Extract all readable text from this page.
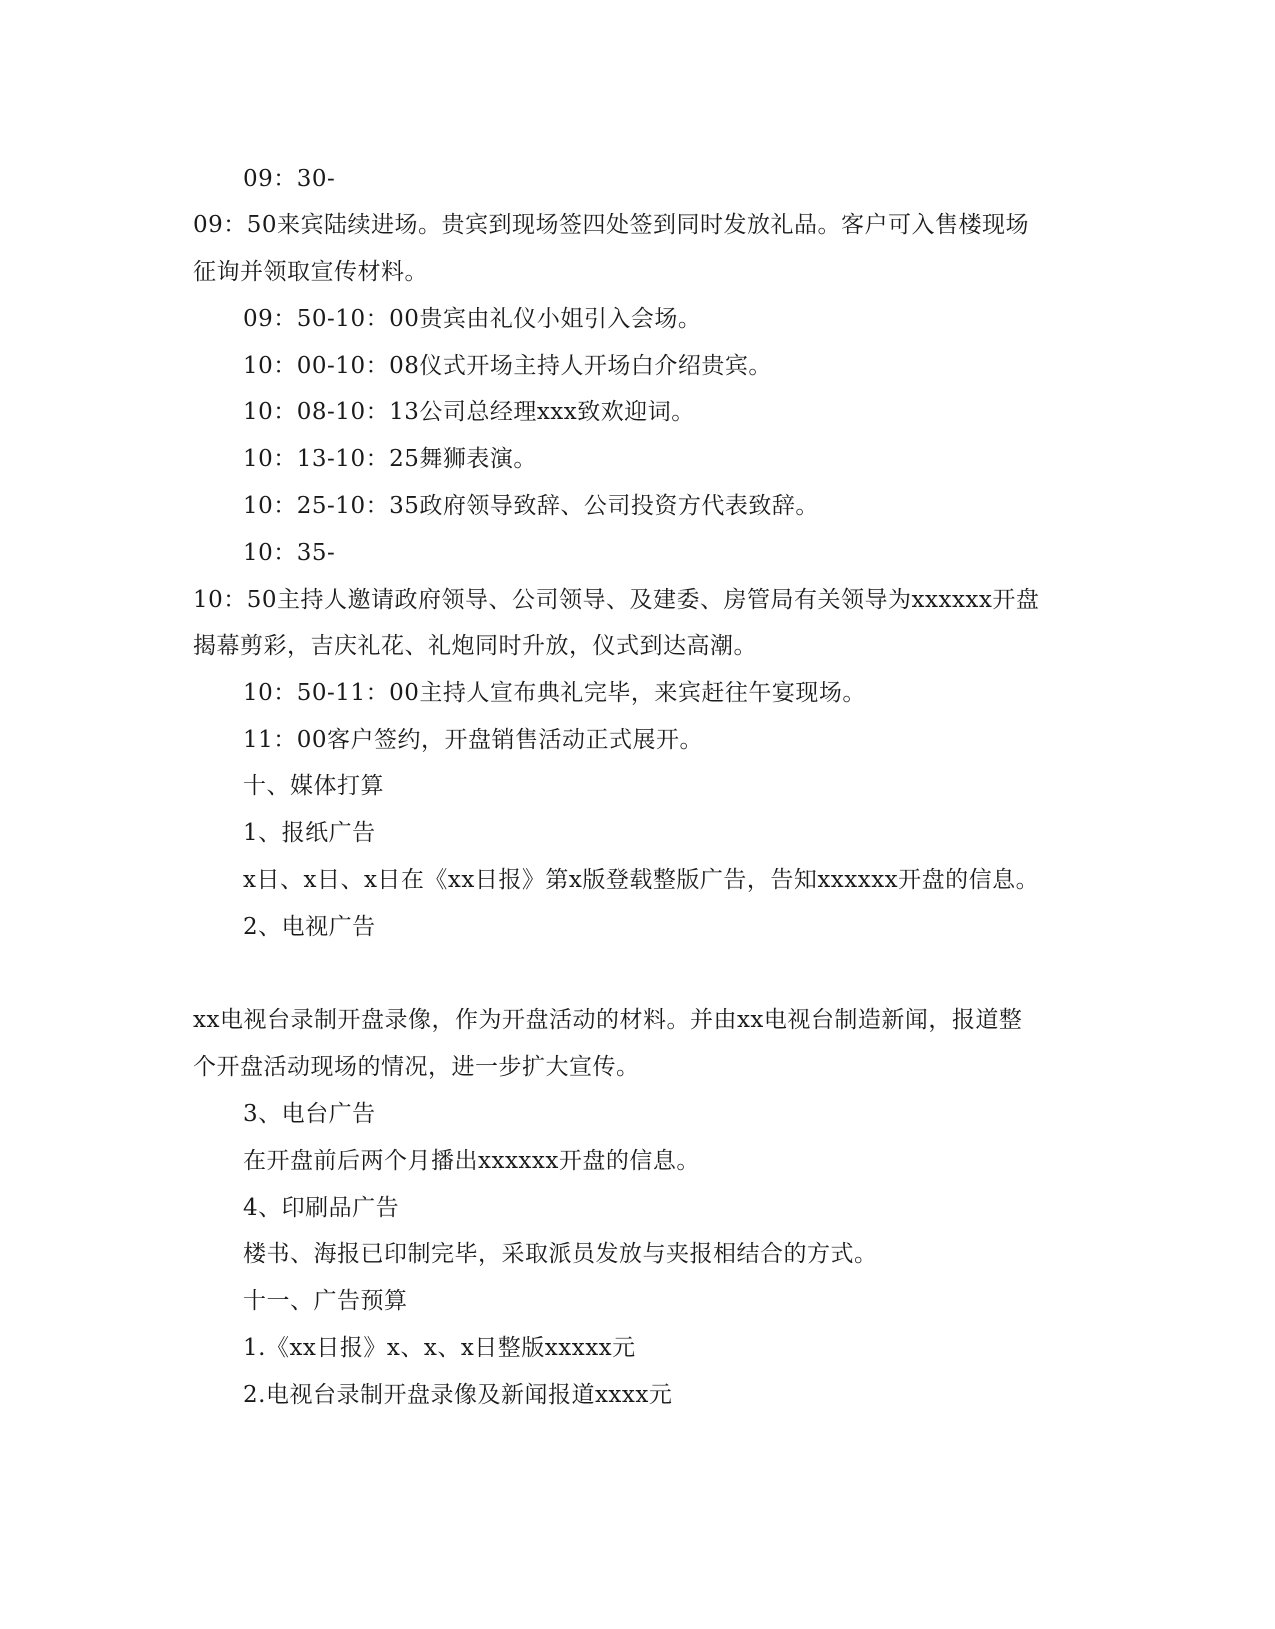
09：30-
09：50来宾陆续进场。贵宾到现场签四处签到同时发放礼品。客户可入售楼现场
征询并领取宣传材料。
09：50-10：00贵宾由礼仪小姐引入会场。
10：00-10：08仪式开场主持人开场白介绍贵宾。
10：08-10：13公司总经理xxx致欢迎词。
10：13-10：25舞狮表演。
10：25-10：35政府领导致辞、公司投资方代表致辞。
10：35-
10：50主持人邀请政府领导、公司领导、及建委、房管局有关领导为xxxxxx开盘
揭幕剪彩，吉庆礼花、礼炮同时升放，仪式到达高潮。
10：50-11：00主持人宣布典礼完毕，来宾赶往午宴现场。
11：00客户签约，开盘销售活动正式展开。
十、媒体打算
1、报纸广告
x日、x日、x日在《xx日报》第x版登载整版广告，告知xxxxxx开盘的信息。
2、电视广告
xx电视台录制开盘录像，作为开盘活动的材料。并由xx电视台制造新闻，报道整
个开盘活动现场的情况，进一步扩大宣传。
3、电台广告
在开盘前后两个月播出xxxxxx开盘的信息。
4、印刷品广告
楼书、海报已印制完毕，采取派员发放与夹报相结合的方式。
十一、广告预算
1.《xx日报》x、x、x日整版xxxxx元
2.电视台录制开盘录像及新闻报道xxxx元
